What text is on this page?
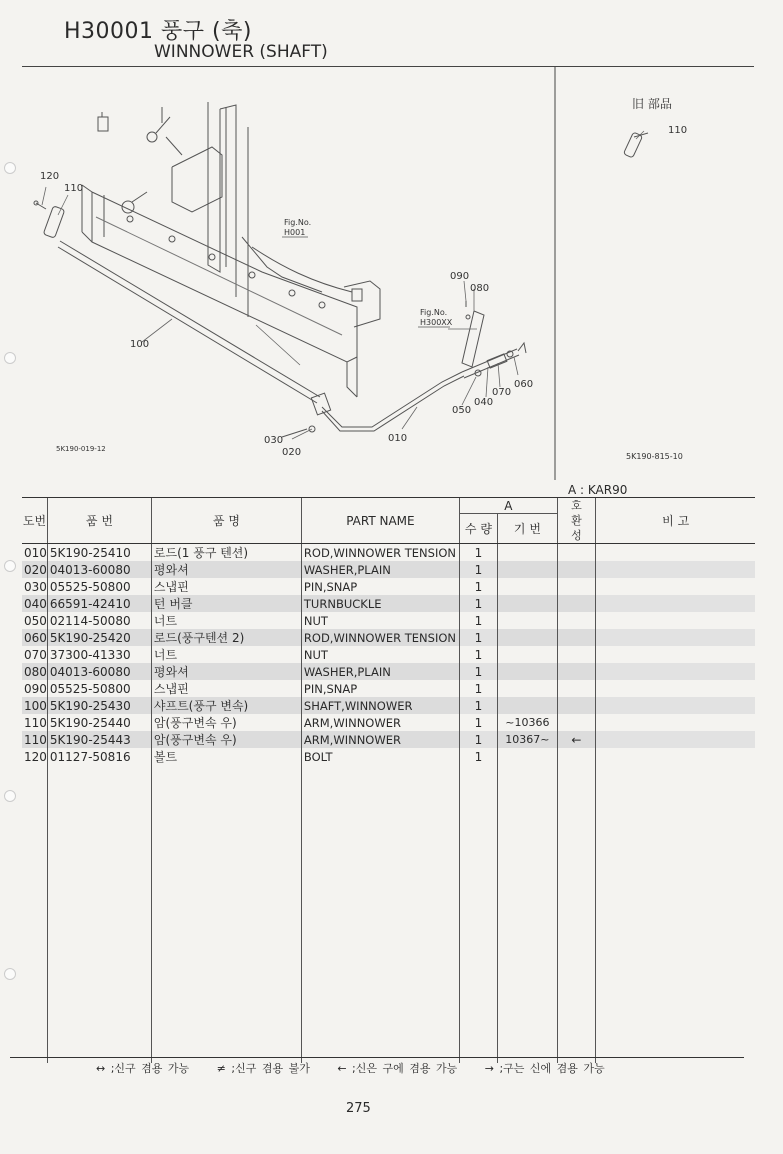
H30001 풍구 (축)
WINNOWER (SHAFT)
120
110
100
030
020
010
090
080
050
040
070
060
110
Fig.No.
H001
Fig.No.
H300XX
5K190-019-12
5K190-815-10
旧 部品
A : KAR90
도번	품 번	품 명	PART NAME	A		호 환 성	비 고
				수 량	기 번		
010	5K190-25410	로드(1 풍구 텐션)	ROD,WINNOWER TENSION	1			
020	04013-60080	평와셔	WASHER,PLAIN	1			
030	05525-50800	스냅핀	PIN,SNAP	1			
040	66591-42410	턴 버클	TURNBUCKLE	1			
050	02114-50080	너트	NUT	1			
060	5K190-25420	로드(풍구텐션 2)	ROD,WINNOWER TENSION	1			
070	37300-41330	너트	NUT	1			
080	04013-60080	평와셔	WASHER,PLAIN	1			
090	05525-50800	스냅핀	PIN,SNAP	1			
100	5K190-25430	샤프트(풍구 변속)	SHAFT,WINNOWER	1			
110	5K190-25440	암(풍구변속 우)	ARM,WINNOWER	1	~10366		
110	5K190-25443	암(풍구변속 우)	ARM,WINNOWER	1	10367~	←	
120	01127-50816	볼트	BOLT	1			

↔ ;신구 겸용 가능	≠ ;신구 겸용 불가	← ;신은 구에 겸용 가능	→ ;구는 신에 겸용 가능
275
